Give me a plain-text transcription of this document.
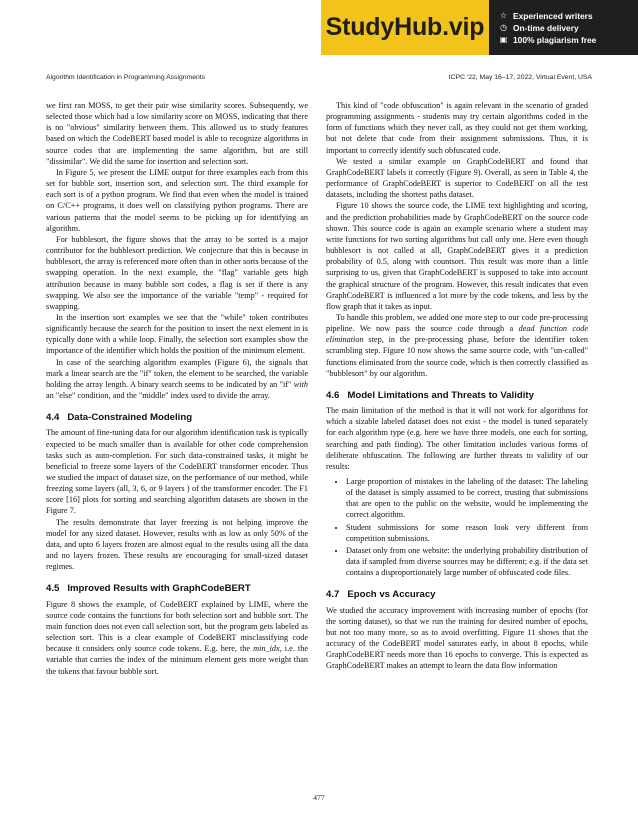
StudyHub.vip	☆ Experienced writers
◷ On-time delivery
▣ 100% plagiarism free
Algorithm Identification in Programming Assignments	ICPC '22, May 16–17, 2022, Virtual Event, USA

we first ran MOSS, to get their pair wise similarity scores. Subsequently, we selected those which had a low similarity score on MOSS, indicating that there is no "obvious" similarity between them. This allowed us to study features based on which the CodeBERT based model is able to recognize algorithms in source codes that are implementing the same algorithm, but are still "dissimilar". We did the same for insertion and selection sort.

In Figure 5, we present the LIME output for three examples each from this set for bubble sort, insertion sort, and selection sort. The third example for each sort is of a python program. We find that even when the model is trained on C/C++ programs, it does well on classifying python programs. There are various patterns that the model seems to be picking up for identifying an algorithm.

For bubblesort, the figure shows that the array to be sorted is a major contributor for the bubblesort prediction. We conjecture that this is because in bubblesort, the array is referenced more often than in other sorts because of the swapping operation. In the next example, the "flag" variable gets high attribution because in many bubble sort codes, a flag is set if there is any swapping. We also see the importance of the variable "temp" - required for swapping.

In the insertion sort examples we see that the "while" token contributes significantly because the search for the position to insert the next element in is typically done with a while loop. Finally, the selection sort examples show the importance of the identifier which holds the position of the minimum element.

In case of the searching algorithm examples (Figure 6), the signals that mark a linear search are the "if" token, the element to be searched, the variable holding the array length. A binary search seems to be indicated by an "if" with an "else" condition, and the "middle" index used to divide the array.

4.4 Data-Constrained Modeling

The amount of fine-tuning data for our algorithm identification task is typically expected to be much smaller than is available for other code comprehension tasks such as auto-completion. For such data-constrained tasks, it might be beneficial to freeze some layers of the CodeBERT transformer encoder. Thus we studied the impact of dataset size, on the performance of our method, while freezing some layers (all, 3, 6, or 9 layers ) of the transformer encoder. The F1 score [16] plots for sorting and searching algorithm datasets are shown in the Figure 7.

The results demonstrate that layer freezing is not helping improve the model for any sized dataset. However, results with as low as only 50% of the data, and upto 6 layers frozen are almost equal to the results using all the data and no layers frozen. These results are encouraging for small-sized dataset regimes.

4.5 Improved Results with GraphCodeBERT

Figure 8 shows the example, of CodeBERT explained by LIME, where the source code contains the functions for both selection sort and bubble sort. The main function does not even call selection sort, but the program gets labeled as selection sort. This is a clear example of CodeBERT misclassifying code because it considers only source code tokens. E.g. here, the min_idx, i.e. the variable that carries the index of the minimum element gets more weight than the tokens that favour bubble sort.

This kind of "code obfuscation" is again relevant in the scenario of graded programming assignments - students may try certain algorithms coded in the form of functions which they never call, as they could not get them working, but not delete that code from their assignment submissions. Thus, it is important to correctly identify such obfuscated code.

We tested a similar example on GraphCodeBERT and found that GraphCodeBERT labels it correctly (Figure 9). Overall, as seen in Table 4, the performance of GraphCodeBERT is superior to CodeBERT on all the test datasets, including the shortest paths dataset.

Figure 10 shows the source code, the LIME text highlighting and scoring, and the prediction probabilities made by GraphCodeBERT on the source code shown. This source code is again an example scenario where a student may write functions for two sorting algorithms but call only one. Here even though bubblesort is not called at all, GraphCodeBERT gives it a prediction probability of 0.5, along with countsort. This result was more than a little surprising to us, given that GraphCodeBERT is supposed to take into account the graphical structure of the program. However, this result indicates that even GraphCodeBERT is influenced a lot more by the code tokens, and less by the flow graph that it takes as input.

To handle this problem, we added one more step to our code pre-processing pipeline. We now pass the source code through a dead function code elimination step, in the pre-processing phase, before the identifier token scrambling step. Figure 10 now shows the same source code, with "un-called" functions eliminated from the source code, which is then correctly classified as "bubblesort" by our algorithm.

4.6 Model Limitations and Threats to Validity

The main limitation of the method is that it will not work for algorithms for which a sizable labeled dataset does not exist - the model is tuned separately for each algorithm type (e.g. here we have three models, one each for sorting, searching and path finding). The other limitation includes various forms of deliberate obfuscation. The following are further threats to validity of our results:

• Large proportion of mistakes in the labeling of the dataset: The labeling of the dataset is simply assumed to be correct, trusting that submissions that are open to the public on the website, would be implementing the correct algorithm.
• Student submissions for some reason look very different from competition submissions.
• Dataset only from one website: the underlying probability distribution of data if sampled from diverse sources may be different; e.g. if the data set contains a disproportionately large number of obfuscated code files.
4.7 Epoch vs Accuracy

We studied the accuracy improvement with increasing number of epochs (for the sorting dataset), so that we run the training for desired number of epochs, but not too many more, so as to avoid overfitting. Figure 11 shows that the accuracy of the CodeBERT model saturates early, in about 8 epochs, while GraphCodeBERT needs more than 16 epochs to converge. This is expected as GraphCodeBERT makes an attempt to learn the data flow information

477
